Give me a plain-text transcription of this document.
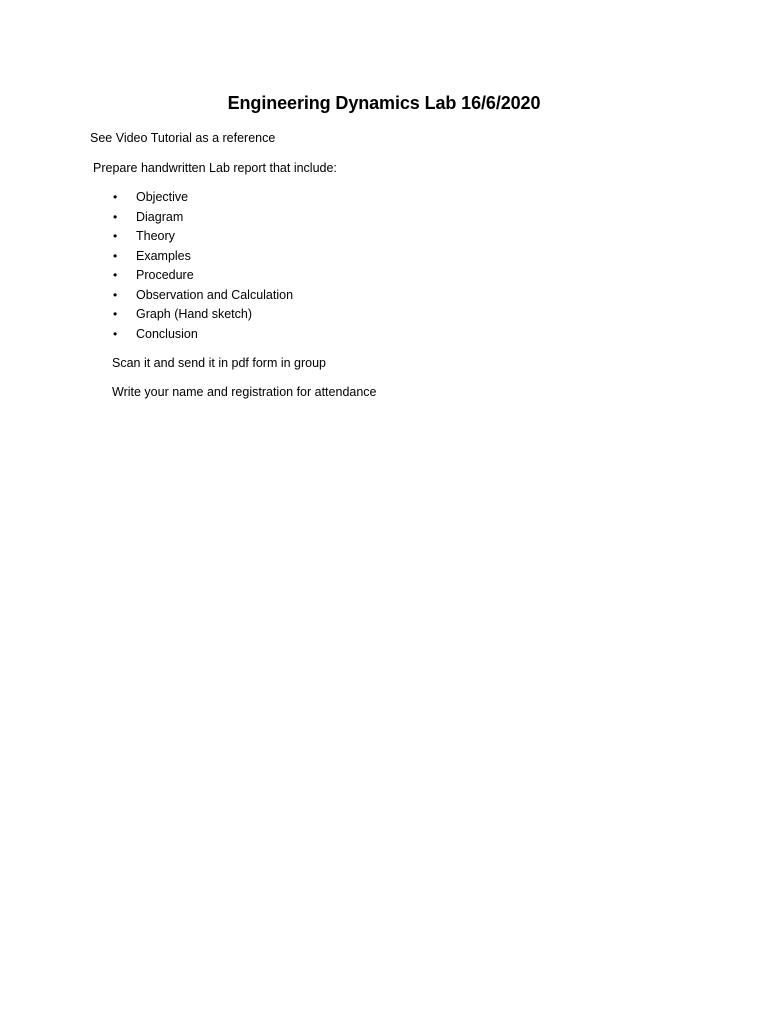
Engineering Dynamics Lab 16/6/2020
See Video Tutorial as a reference
Prepare handwritten Lab report that include:
•	Objective
•	Diagram
•	Theory
•	Examples
•	Procedure
•	Observation and Calculation
•	Graph (Hand sketch)
•	Conclusion
Scan it and send it in pdf form in group
Write your name and registration for attendance
